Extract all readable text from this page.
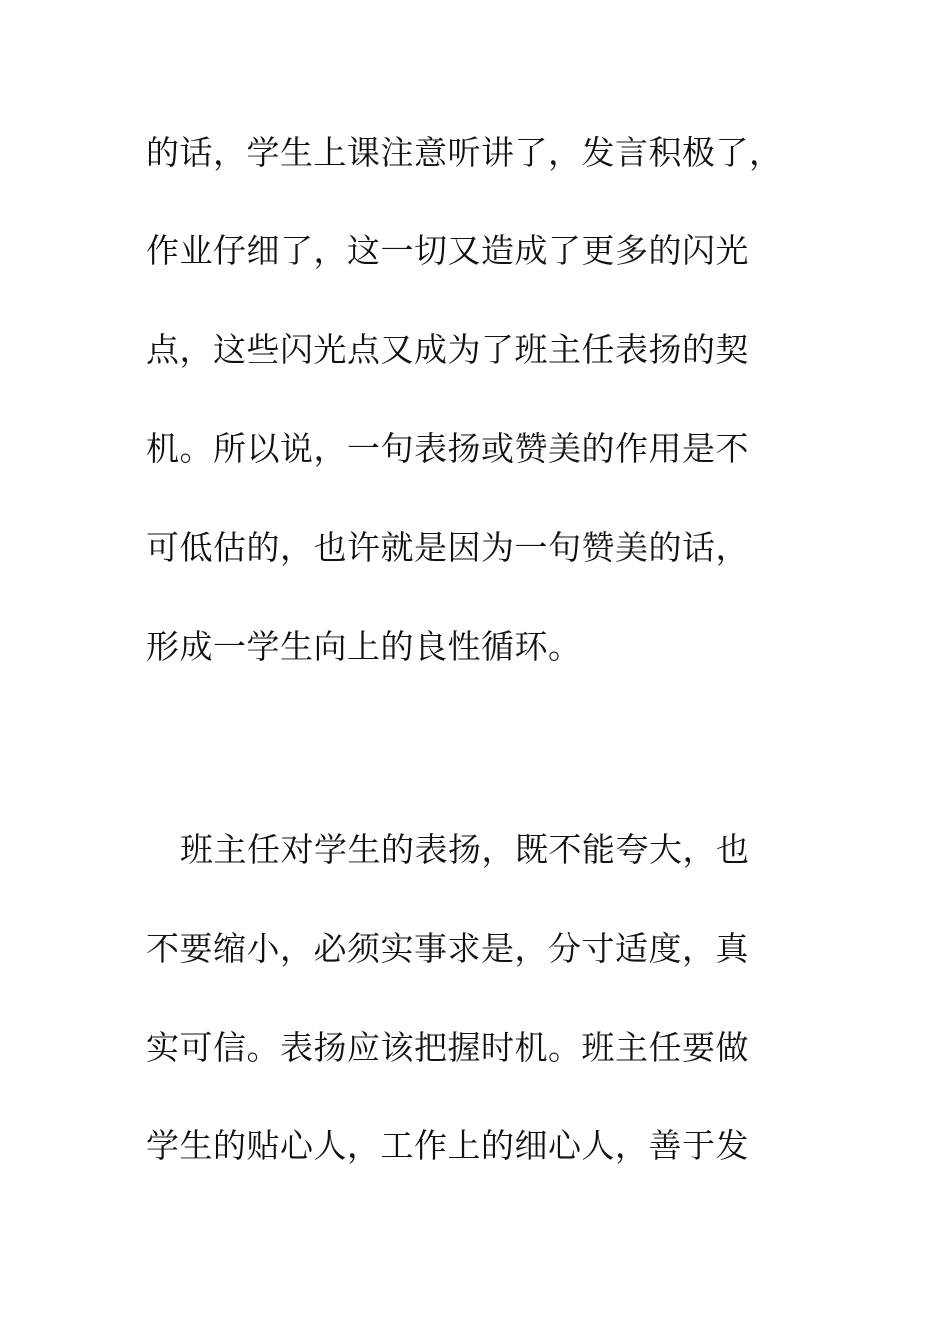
的话，学生上课注意听讲了，发言积极了，
作业仔细了，这一切又造成了更多的闪光
点，这些闪光点又成为了班主任表扬的契
机。所以说，一句表扬或赞美的作用是不
可低估的，也许就是因为一句赞美的话，
形成一学生向上的良性循环。
班主任对学生的表扬，既不能夸大，也
不要缩小，必须实事求是，分寸适度，真
实可信。表扬应该把握时机。班主任要做
学生的贴心人，工作上的细心人，善于发
